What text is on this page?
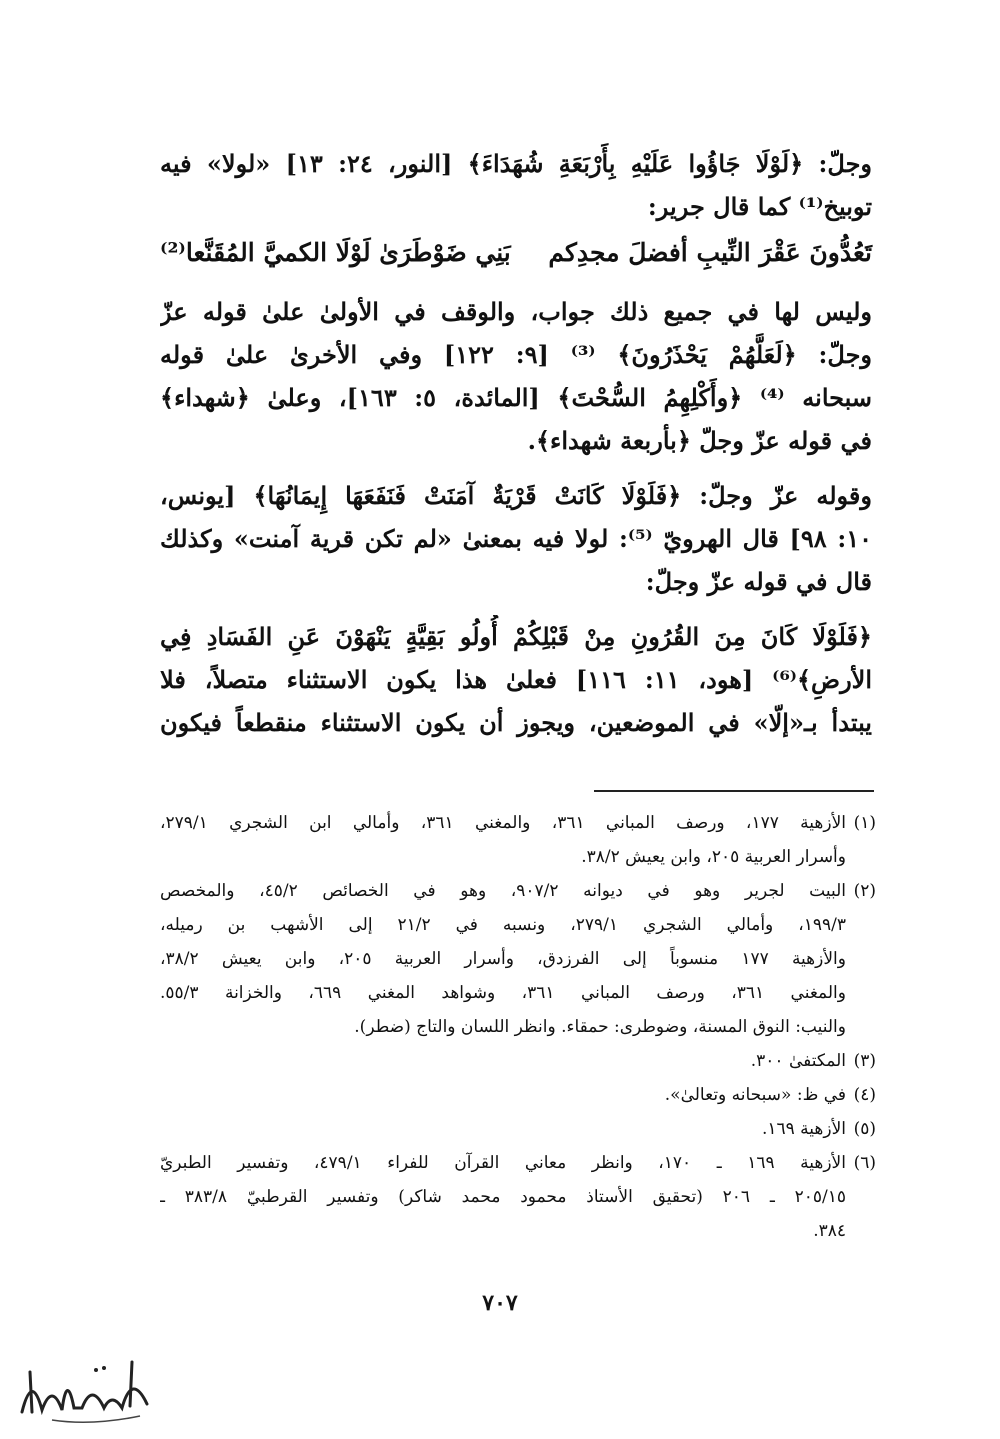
وجلّ: ﴿لَوْلَا جَاؤُوا عَلَيْهِ بِأَرْبَعَةِ شُهَدَاءَ﴾ [النور، ٢٤: ١٣] «لولا» فيه
توبيخ⁽¹⁾ كما قال جرير:
تَعُدُّونَ عَقْرَ النِّيبِ أفضلَ مجدِكم
بَنِي ضَوْطَرَىٰ لَوْلَا الكميَّ المُقَنَّعا⁽²⁾
وليس لها في جميع ذلك جواب، والوقف في الأولىٰ علىٰ قوله عزّ
وجلّ: ﴿لَعَلَّهُمْ يَحْذَرُونَ﴾ ⁽³⁾ [٩: ١٢٢] وفي الأخرىٰ علىٰ قوله
سبحانه ⁽⁴⁾ ﴿وأَكْلِهِمُ السُّحْتَ﴾ [المائدة، ٥: ١٦٣]، وعلىٰ ﴿شهداء﴾
في قوله عزّ وجلّ ﴿بأربعة شهداء﴾.
وقوله عزّ وجلّ: ﴿فَلَوْلَا كَانَتْ قَرْيَةٌ آمَنَتْ فَنَفَعَهَا إِيمَانُهَا﴾ [يونس،
١٠: ٩٨] قال الهرويّ ⁽⁵⁾: لولا فيه بمعنىٰ «لم تكن قرية آمنت» وكذلك
قال في قوله عزّ وجلّ:
﴿فَلَوْلَا كَانَ مِنَ القُرُونِ مِنْ قَبْلِكُمْ أُولُو بَقِيَّةٍ يَنْهَوْنَ عَنِ الفَسَادِ فِي
الأرضِ﴾⁽⁶⁾ [هود، ١١: ١١٦] فعلىٰ هذا يكون الاستثناء متصلاً، فلا
يبتدأ بـ«إلّا» في الموضعين، ويجوز أن يكون الاستثناء منقطعاً فيكون
(١)
الأزهية ١٧٧، ورصف المباني ٣٦١، والمغني ٣٦١، وأمالي ابن الشجري ٢٧٩/١،
وأسرار العربية ٢٠٥، وابن يعيش ٣٨/٢.
(٢)
البيت لجرير وهو في ديوانه ٩٠٧/٢، وهو في الخصائص ٤٥/٢، والمخصص
١٩٩/٣، وأمالي الشجري ٢٧٩/١، ونسبه في ٢١/٢ إلى الأشهب بن رميله،
والأزهية ١٧٧ منسوباً إلى الفرزدق، وأسرار العربية ٢٠٥، وابن يعيش ٣٨/٢،
والمغني ٣٦١، ورصف المباني ٣٦١، وشواهد المغني ٦٦٩، والخزانة ٥٥/٣.
والنيب: النوق المسنة، وضوطرى: حمقاء. وانظر اللسان والتاج (ضطر).
(٣)
المكتفىٰ ٣٠٠.
(٤)
في ظ: «سبحانه وتعالىٰ».
(٥)
الأزهية ١٦٩.
(٦)
الأزهية ١٦٩ ـ ١٧٠، وانظر معاني القرآن للفراء ٤٧٩/١، وتفسير الطبريّ
٢٠٥/١٥ ـ ٢٠٦ (تحقيق الأستاذ محمود محمد شاكر) وتفسير القرطبيّ ٣٨٣/٨ ـ
٣٨٤.
٧٠٧
